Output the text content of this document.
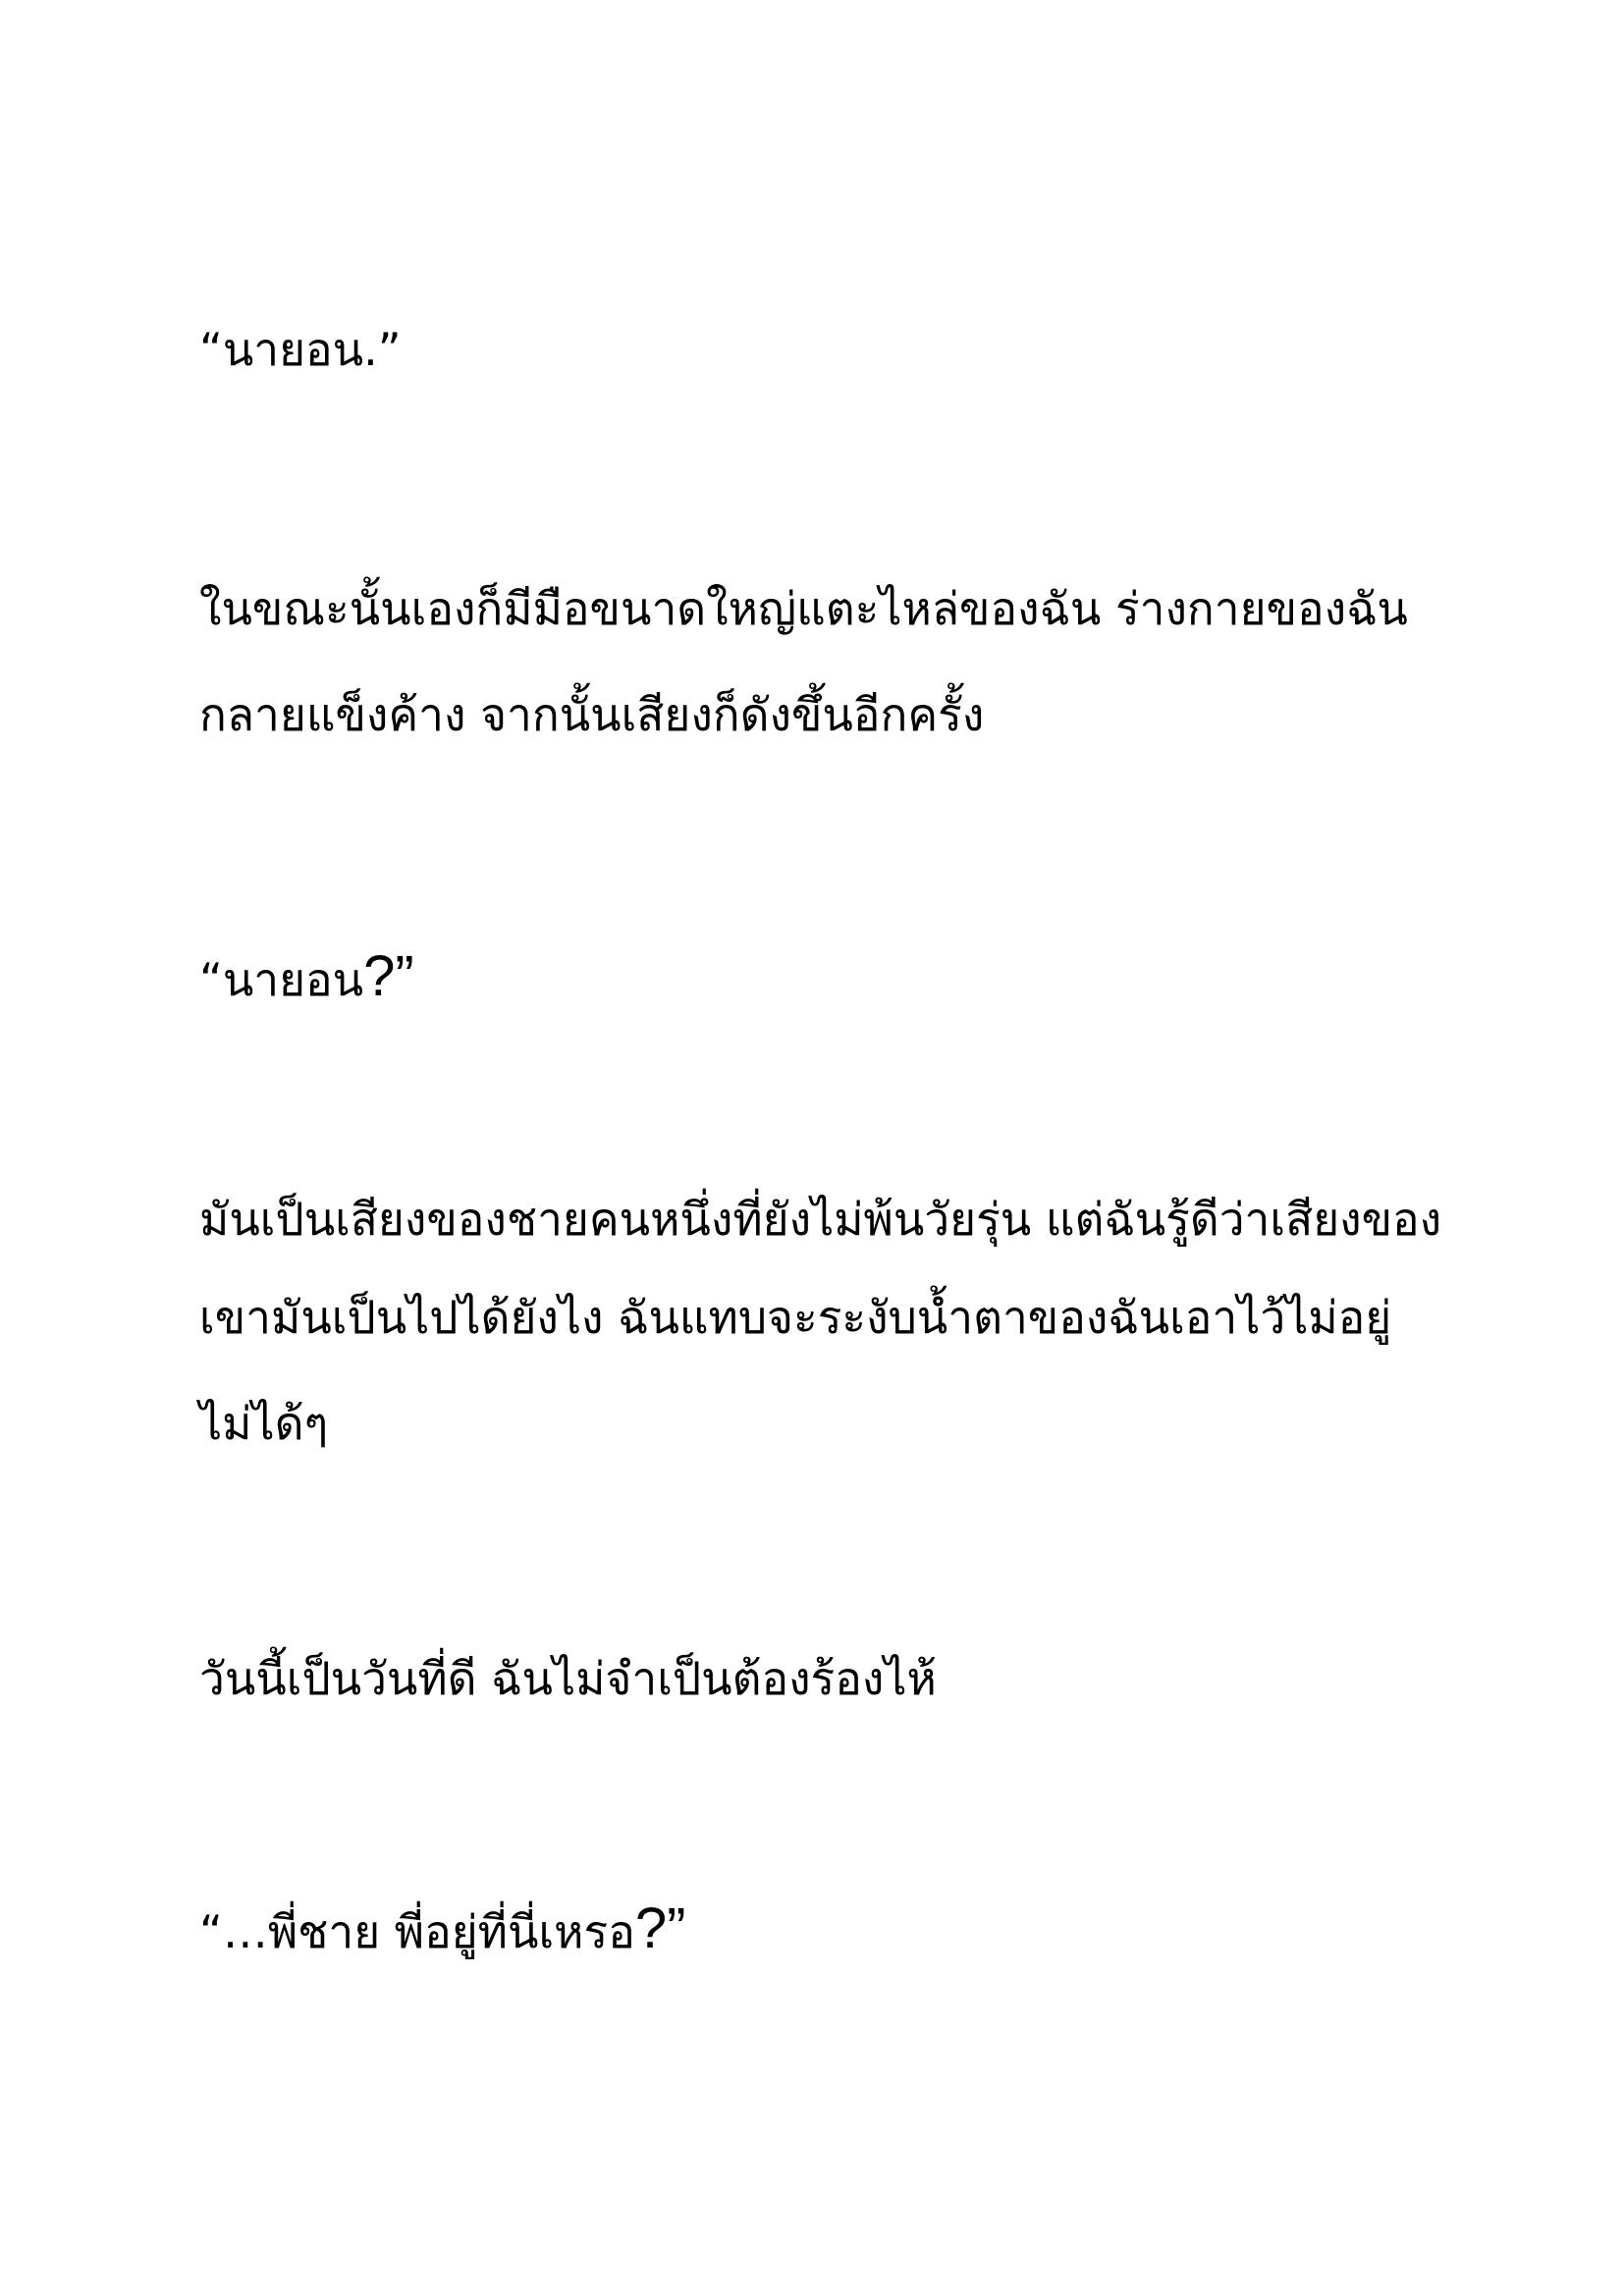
“นายอน.”
ในขณะนั้นเองก็มีมือขนาดใหญ่แตะไหล่ของฉัน ร่างกายของฉัน
กลายแข็งค้าง จากนั้นเสียงก็ดังขึ้นอีกครั้ง
“นายอน?”
มันเป็นเสียงของชายคนหนึ่งที่ยังไม่พ้นวัยรุ่น แต่ฉันรู้ดีว่าเสียงของ
เขามันเป็นไปได้ยังไง ฉันแทบจะระงับน้ำตาของฉันเอาไว้ไม่อยู่
ไม่ได้ๆ
วันนี้เป็นวันที่ดี ฉันไม่จำเป็นต้องร้องไห้
“…พี่ชาย พี่อยู่ที่นี่เหรอ?”
